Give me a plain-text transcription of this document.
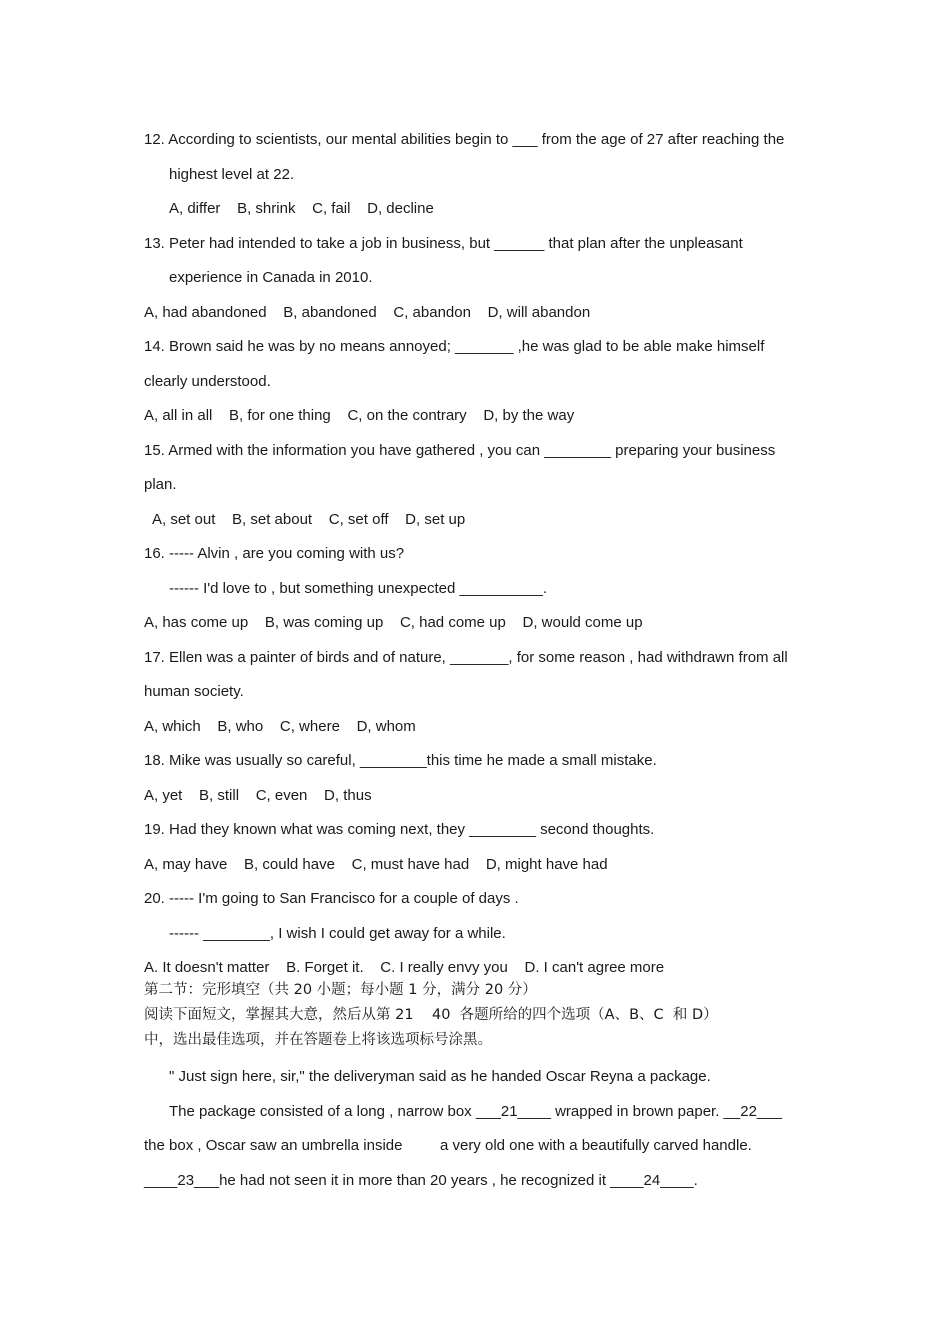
12. According to scientists, our mental abilities begin to ___ from the age of 27 after reaching the
highest level at 22.
A, differ    B, shrink    C, fail    D, decline
13. Peter had intended to take a job in business, but ______ that plan after the unpleasant
experience in Canada in 2010.
A, had abandoned    B, abandoned    C, abandon    D, will abandon
14. Brown said he was by no means annoyed; _______ ,he was glad to be able make himself
clearly understood.
A, all in all    B, for one thing    C, on the contrary    D, by the way
15. Armed with the information you have gathered , you can ________ preparing your business
plan.
A, set out    B, set about    C, set off    D, set up
16. ----- Alvin , are you coming with us?
------ I'd love to , but something unexpected __________.
A, has come up    B, was coming up    C, had come up    D, would come up
17. Ellen was a painter of birds and of nature, _______, for some reason , had withdrawn from all
human society.
A, which    B, who    C, where    D, whom
18. Mike was usually so careful, ________this time he made a small mistake.
A, yet    B, still    C, even    D, thus
19. Had they known what was coming next, they ________ second thoughts.
A, may have    B, could have    C, must have had    D, might have had
20. ----- I'm going to San Francisco for a couple of days .
------ ________, I wish I could get away for a while.
A. It doesn't matter    B. Forget it.    C. I really envy you    D. I can't agree more
第二节：完形填空（共 20 小题；每小题 1 分，满分 20 分）
阅读下面短文，掌握其大意，然后从第 21    40  各题所给的四个选项（A、B、C  和 D）
中，选出最佳选项，并在答题卷上将该选项标号涂黑。
" Just sign here, sir," the deliveryman said as he handed Oscar Reyna a package.
The package consisted of a long , narrow box ___21____ wrapped in brown paper. __22___
the box , Oscar saw an umbrella inside         a very old one with a beautifully carved handle.
____23___he had not seen it in more than 20 years , he recognized it ____24____.
